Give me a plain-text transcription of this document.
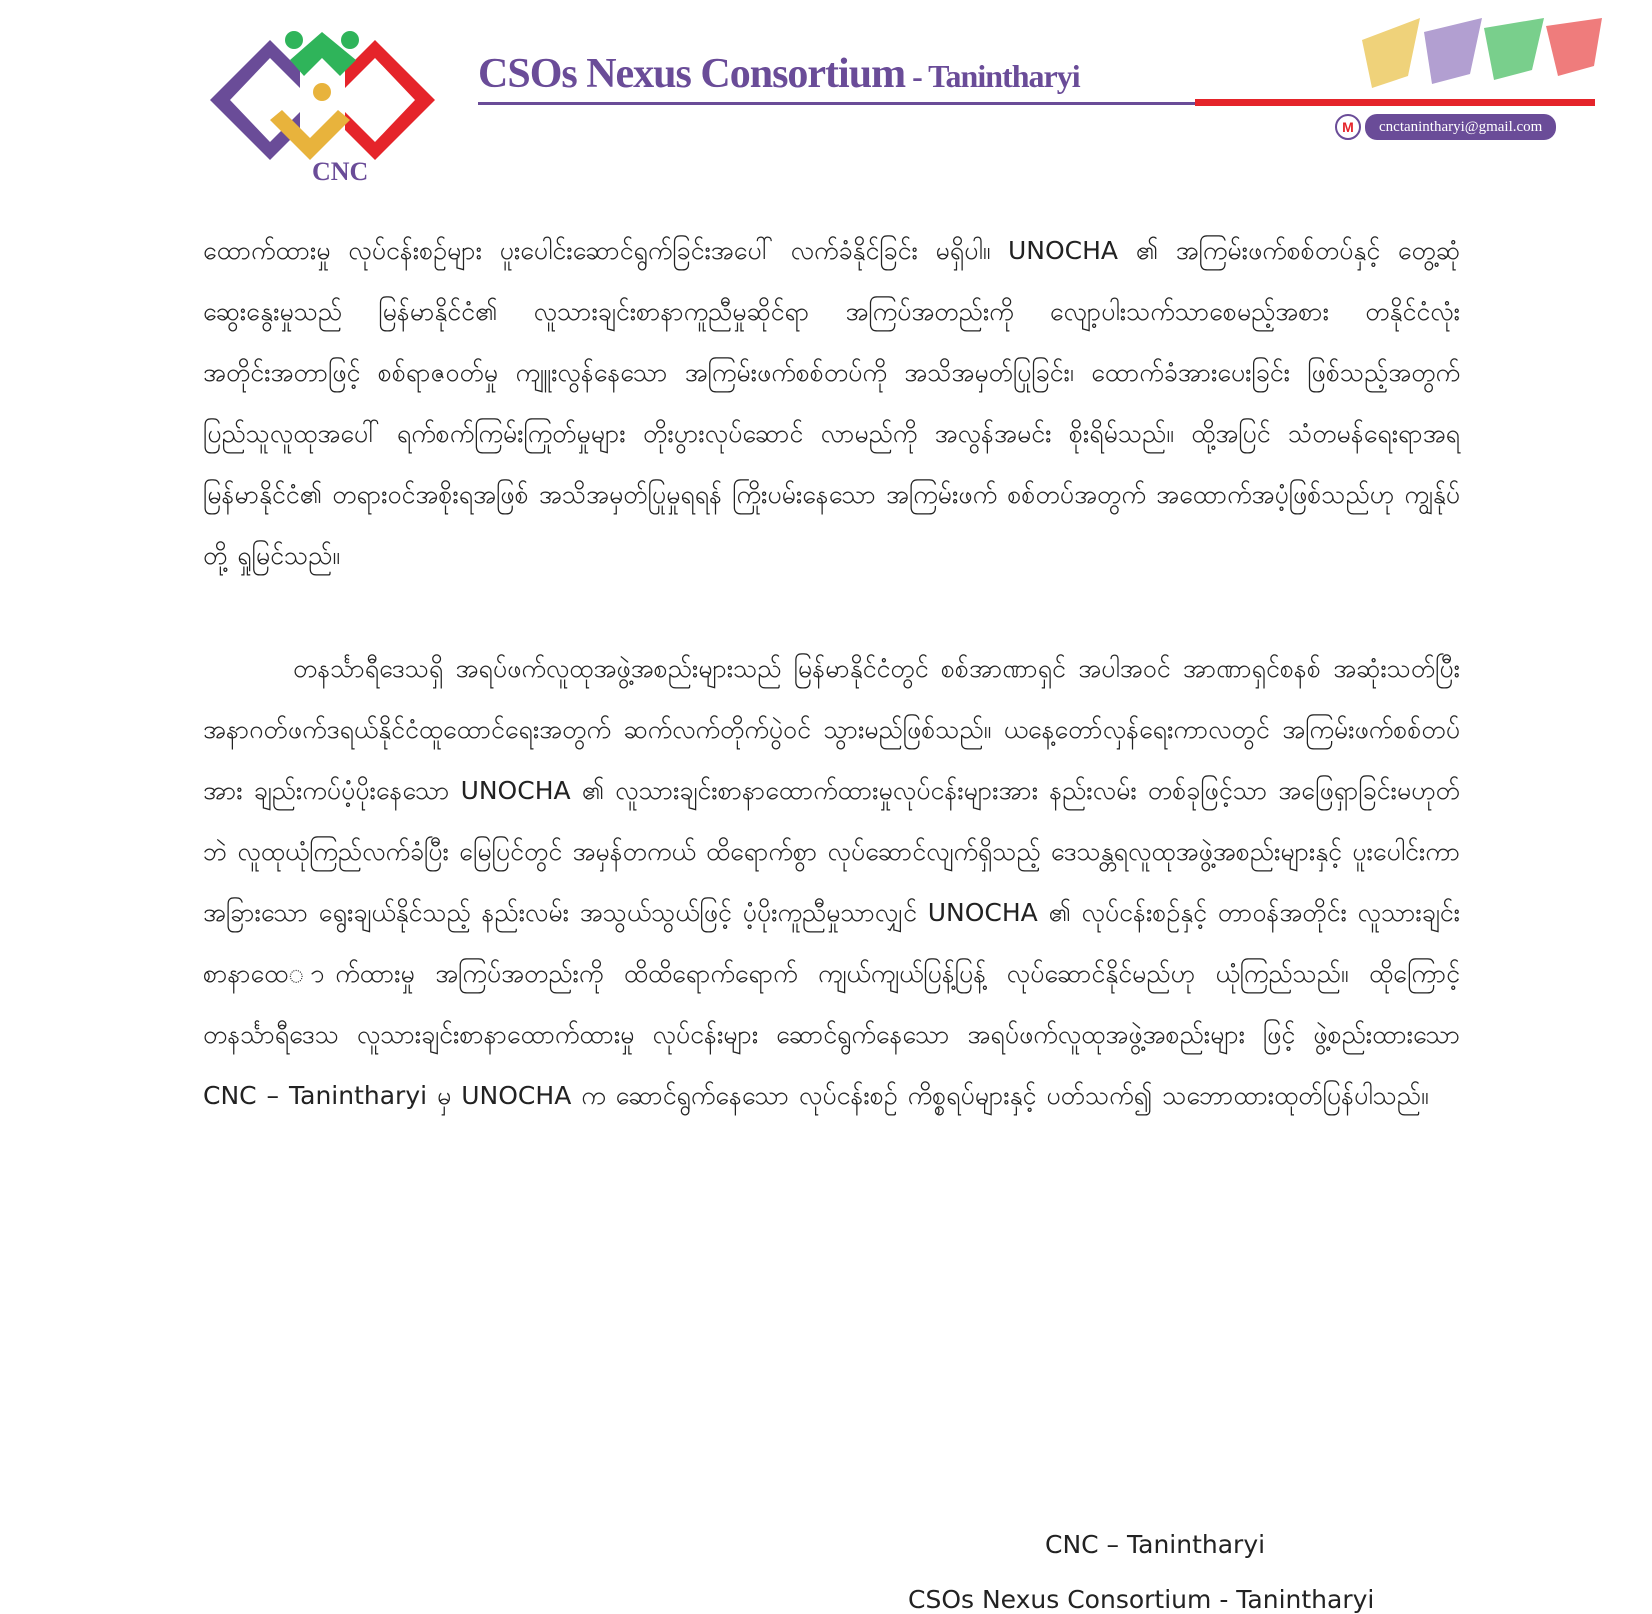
CNC
CSOs Nexus Consortium - Tanintharyi
M	cnctanintharyi@gmail.com

ထောက်ထားမှု လုပ်ငန်းစဉ်များ ပူးပေါင်းဆောင်ရွက်ခြင်းအပေါ် လက်ခံနိုင်ခြင်း မရှိပါ။ UNOCHA ၏ အကြမ်းဖက်စစ်တပ်နှင့် တွေ့ဆုံဆွေးနွေးမှုသည် မြန်မာနိုင်ငံ၏ လူသားချင်းစာနာကူညီမှုဆိုင်ရာ အကြပ်အတည်းကို လျော့ပါးသက်သာစေမည့်အစား တနိုင်ငံလုံး အတိုင်းအတာဖြင့် စစ်ရာဇဝတ်မှု ကျူးလွန်နေသော အကြမ်းဖက်စစ်တပ်ကို အသိအမှတ်ပြုခြင်း၊ ထောက်ခံအားပေးခြင်း ဖြစ်သည့်အတွက် ပြည်သူလူထုအပေါ် ရက်စက်ကြမ်းကြုတ်မှုများ တိုးပွားလုပ်ဆောင် လာမည်ကို အလွန်အမင်း စိုးရိမ်သည်။ ထို့အပြင် သံတမန်ရေးရာအရ မြန်မာနိုင်ငံ၏ တရားဝင်အစိုးရအဖြစ် အသိအမှတ်ပြုမှုရရန် ကြိုးပမ်းနေသော အကြမ်းဖက် စစ်တပ်အတွက် အထောက်အပံ့ဖြစ်သည်ဟု ကျွန်ုပ်တို့ ရှုမြင်သည်။

တနင်္သာရီဒေသရှိ အရပ်ဖက်လူထုအဖွဲ့အစည်းများသည် မြန်မာနိုင်ငံတွင် စစ်အာဏာရှင် အပါအဝင် အာဏာရှင်စနစ် အဆုံးသတ်ပြီး အနာဂတ်ဖက်ဒရယ်နိုင်ငံထူထောင်ရေးအတွက် ဆက်လက်တိုက်ပွဲဝင် သွားမည်ဖြစ်သည်။ ယနေ့တော်လှန်ရေးကာလတွင် အကြမ်းဖက်စစ်တပ်အား ချည်းကပ်ပံ့ပိုးနေသော UNOCHA ၏ လူသားချင်းစာနာထောက်ထားမှုလုပ်ငန်းများအား နည်းလမ်း တစ်ခုဖြင့်သာ အဖြေရှာခြင်းမဟုတ်ဘဲ လူထုယုံကြည်လက်ခံပြီး မြေပြင်တွင် အမှန်တကယ် ထိရောက်စွာ လုပ်ဆောင်လျက်ရှိသည့် ဒေသန္တရလူထုအဖွဲ့အစည်းများနှင့် ပူးပေါင်းကာ အခြားသော ရွေးချယ်နိုင်သည့် နည်းလမ်း အသွယ်သွယ်ဖြင့် ပံ့ပိုးကူညီမှုသာလျှင် UNOCHA ၏ လုပ်ငန်းစဉ်နှင့် တာဝန်အတိုင်း လူသားချင်းစာနာထေ◌ာက်ထားမှု အကြပ်အတည်းကို ထိထိရောက်ရောက် ကျယ်ကျယ်ပြန့်ပြန့် လုပ်ဆောင်နိုင်မည်ဟု ယုံကြည်သည်။ ထိုကြောင့် တနင်္သာရီဒေသ လူသားချင်းစာနာထောက်ထားမှု လုပ်ငန်းများ ဆောင်ရွက်နေသော အရပ်ဖက်လူထုအဖွဲ့အစည်းများ ဖြင့် ဖွဲ့စည်းထားသော CNC – Tanintharyi မှ UNOCHA က ဆောင်ရွက်နေသော လုပ်ငန်းစဉ် ကိစ္စရပ်များနှင့် ပတ်သက်၍ သဘောထားထုတ်ပြန်ပါသည်။

CNC – Tanintharyi
CSOs Nexus Consortium - Tanintharyi
